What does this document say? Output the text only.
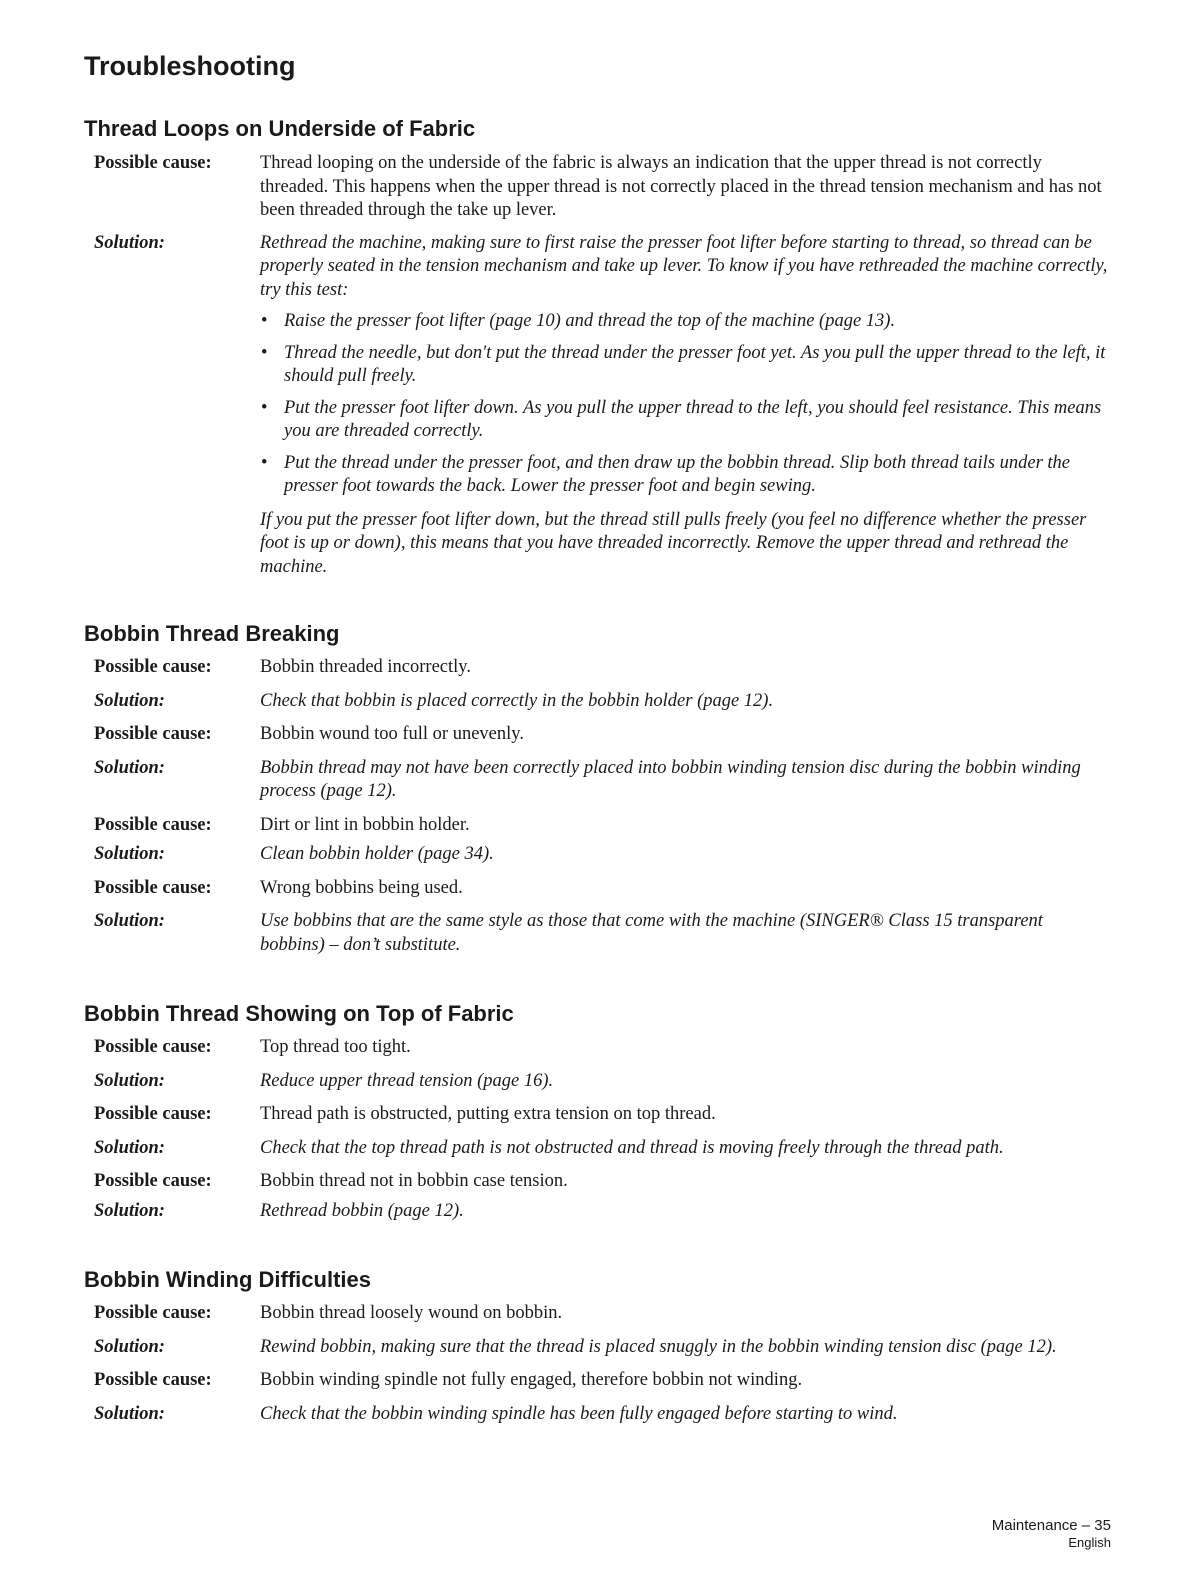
Troubleshooting
Thread Loops on Underside of Fabric
Possible cause:	Thread looping on the underside of the fabric is always an indication that the upper thread is not correctly threaded. This happens when the upper thread is not correctly placed in the thread tension mechanism and has not been threaded through the take up lever.
Solution:	Rethread the machine, making sure to first raise the presser foot lifter before starting to thread, so thread can be properly seated in the tension mechanism and take up lever. To know if you have rethreaded the machine correctly, try this test:
• Raise the presser foot lifter (page 10) and thread the top of the machine (page 13).
• Thread the needle, but don't put the thread under the presser foot yet. As you pull the upper thread to the left, it should pull freely.
• Put the presser foot lifter down. As you pull the upper thread to the left, you should feel resistance. This means you are threaded correctly.
• Put the thread under the presser foot, and then draw up the bobbin thread. Slip both thread tails under the presser foot towards the back. Lower the presser foot and begin sewing.
If you put the presser foot lifter down, but the thread still pulls freely (you feel no difference whether the presser foot is up or down), this means that you have threaded incorrectly. Remove the upper thread and rethread the machine.
Bobbin Thread Breaking
Possible cause:	Bobbin threaded incorrectly.
Solution:	Check that bobbin is placed correctly in the bobbin holder (page 12).
Possible cause:	Bobbin wound too full or unevenly.
Solution:	Bobbin thread may not have been correctly placed into bobbin winding tension disc during the bobbin winding process (page 12).
Possible cause:	Dirt or lint in bobbin holder.
Solution:	Clean bobbin holder (page 34).
Possible cause:	Wrong bobbins being used.
Solution:	Use bobbins that are the same style as those that come with the machine (SINGER® Class 15 transparent bobbins) – don’t substitute.
Bobbin Thread Showing on Top of Fabric
Possible cause:	Top thread too tight.
Solution:	Reduce upper thread tension (page 16).
Possible cause:	Thread path is obstructed, putting extra tension on top thread.
Solution:	Check that the top thread path is not obstructed and thread is moving freely through the thread path.
Possible cause:	Bobbin thread not in bobbin case tension.
Solution:	Rethread bobbin (page 12).
Bobbin Winding Difficulties
Possible cause:	Bobbin thread loosely wound on bobbin.
Solution:	Rewind bobbin, making sure that the thread is placed snuggly in the bobbin winding tension disc (page 12).
Possible cause:	Bobbin winding spindle not fully engaged, therefore bobbin not winding.
Solution:	Check that the bobbin winding spindle has been fully engaged before starting to wind.
Maintenance – 35
English
